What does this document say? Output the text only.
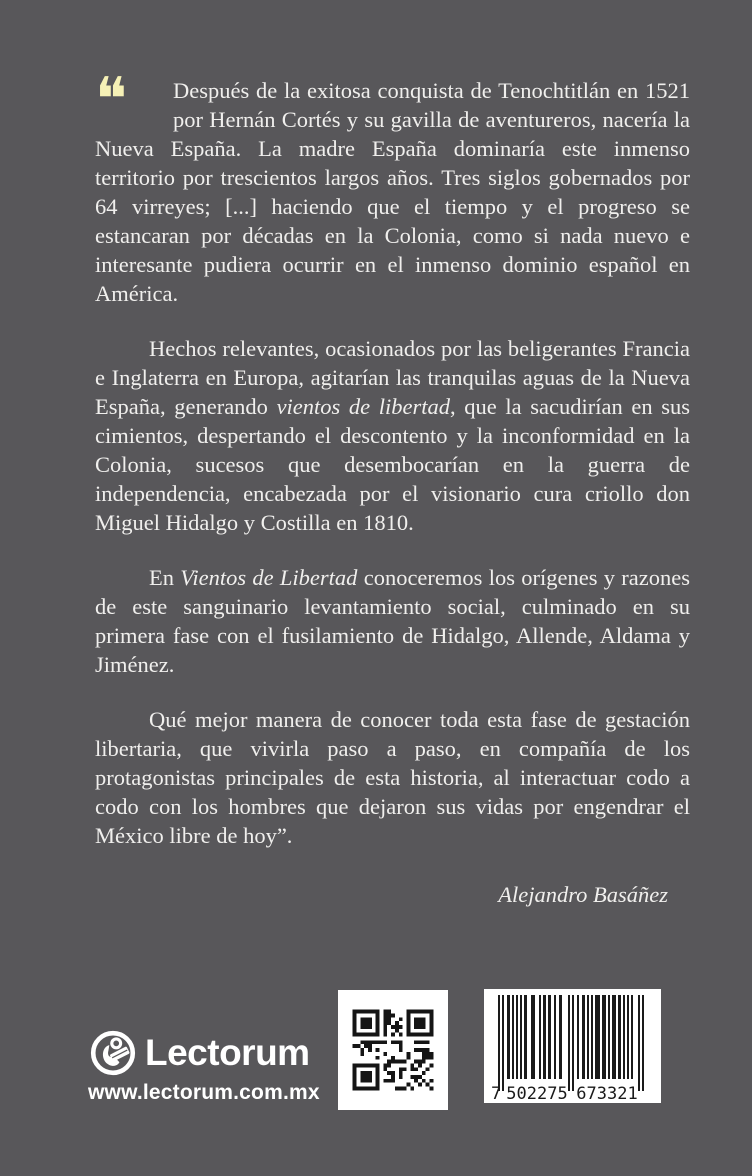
❝	Después de la exitosa conquista de Tenochtitlán en 1521 por Hernán Cortés y su gavilla de aventureros, nacería la Nueva España. La madre España dominaría este inmenso territorio por trescientos largos años. Tres siglos gobernados por 64 virreyes; [...] haciendo que el tiempo y el progreso se estancaran por décadas en la Colonia, como si nada nuevo e interesante pudiera ocurrir en el inmenso dominio español en América.
Hechos relevantes, ocasionados por las beligerantes Francia e Inglaterra en Europa, agitarían las tranquilas aguas de la Nueva España, generando vientos de libertad, que la sacudirían en sus cimientos, despertando el descontento y la inconformidad en la Colonia, sucesos que desembocarían en la guerra de independencia, encabezada por el visionario cura criollo don Miguel Hidalgo y Costilla en 1810.
En Vientos de Libertad conoceremos los orígenes y razones de este sanguinario levantamiento social, culminado en su primera fase con el fusilamiento de Hidalgo, Allende, Aldama y Jiménez.
Qué mejor manera de conocer toda esta fase de gestación libertaria, que vivirla paso a paso, en compañía de los protagonistas principales de esta historia, al interactuar codo a codo con los hombres que dejaron sus vidas por engendrar el México libre de hoy”.
Alejandro Basáñez
Lectorum
www.lectorum.com.mx	7 502275 673321
